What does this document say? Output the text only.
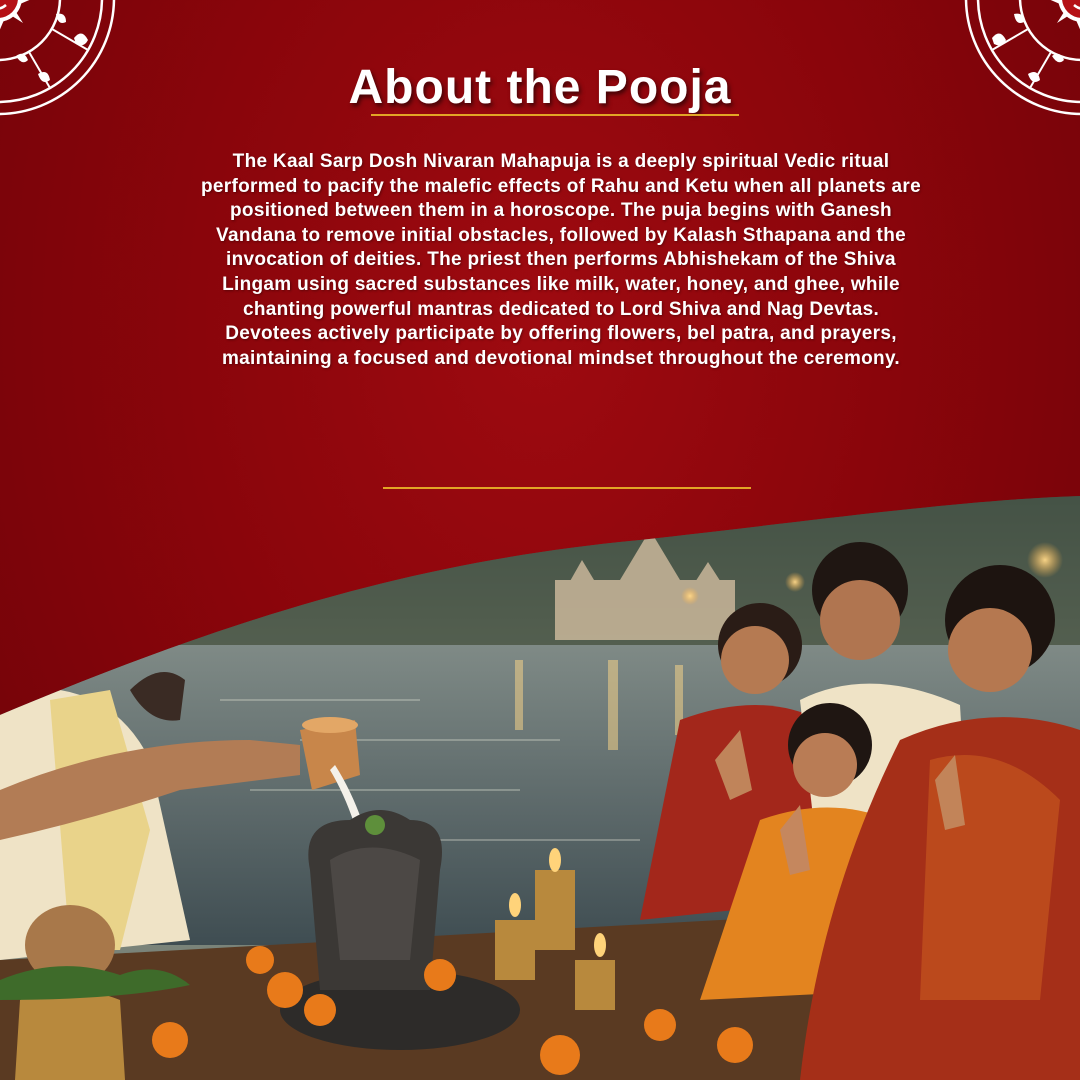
About the Pooja

The Kaal Sarp Dosh Nivaran Mahapuja is a deeply spiritual Vedic ritual performed to pacify the malefic effects of Rahu and Ketu when all planets are positioned between them in a horoscope. The puja begins with Ganesh Vandana to remove initial obstacles, followed by Kalash Sthapana and the invocation of deities. The priest then performs Abhishekam of the Shiva Lingam using sacred substances like milk, water, honey, and ghee, while chanting powerful mantras dedicated to Lord Shiva and Nag Devtas.

Devotees actively participate by offering flowers, bel patra, and prayers, maintaining a focused and devotional mindset throughout the ceremony.
